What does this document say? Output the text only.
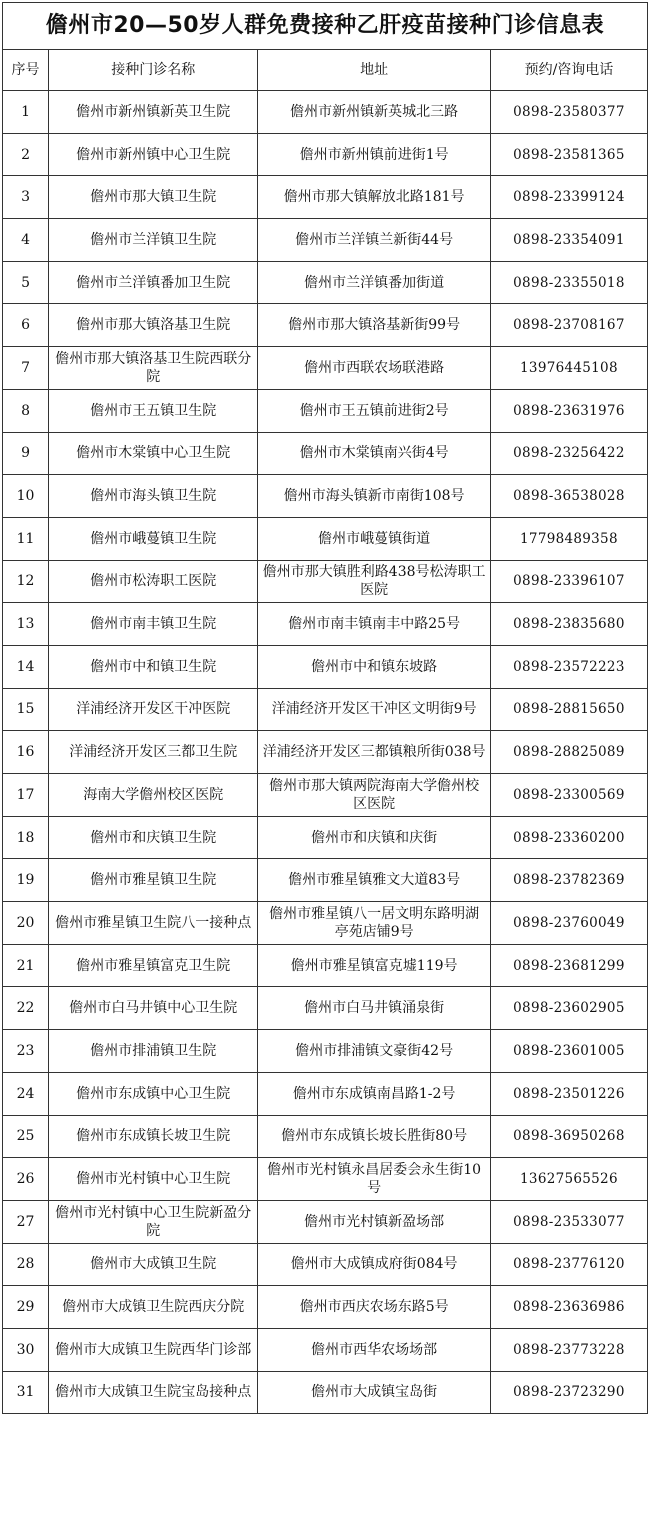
儋州市20—50岁人群免费接种乙肝疫苗接种门诊信息表			
序号	接种门诊名称	地址	预约/咨询电话
1	儋州市新州镇新英卫生院	儋州市新州镇新英城北三路	0898-23580377
2	儋州市新州镇中心卫生院	儋州市新州镇前进街1号	0898-23581365
3	儋州市那大镇卫生院	儋州市那大镇解放北路181号	0898-23399124
4	儋州市兰洋镇卫生院	儋州市兰洋镇兰新街44号	0898-23354091
5	儋州市兰洋镇番加卫生院	儋州市兰洋镇番加街道	0898-23355018
6	儋州市那大镇洛基卫生院	儋州市那大镇洛基新街99号	0898-23708167
7	儋州市那大镇洛基卫生院西联分院	儋州市西联农场联港路	13976445108
8	儋州市王五镇卫生院	儋州市王五镇前进街2号	0898-23631976
9	儋州市木棠镇中心卫生院	儋州市木棠镇南兴街4号	0898-23256422
10	儋州市海头镇卫生院	儋州市海头镇新市南街108号	0898-36538028
11	儋州市峨蔓镇卫生院	儋州市峨蔓镇街道	17798489358
12	儋州市松涛职工医院	儋州市那大镇胜利路438号松涛职工医院	0898-23396107
13	儋州市南丰镇卫生院	儋州市南丰镇南丰中路25号	0898-23835680
14	儋州市中和镇卫生院	儋州市中和镇东坡路	0898-23572223
15	洋浦经济开发区干冲医院	洋浦经济开发区干冲区文明街9号	0898-28815650
16	洋浦经济开发区三都卫生院	洋浦经济开发区三都镇粮所街038号	0898-28825089
17	海南大学儋州校区医院	儋州市那大镇两院海南大学儋州校区医院	0898-23300569
18	儋州市和庆镇卫生院	儋州市和庆镇和庆街	0898-23360200
19	儋州市雅星镇卫生院	儋州市雅星镇雅文大道83号	0898-23782369
20	儋州市雅星镇卫生院八一接种点	儋州市雅星镇八一居文明东路明湖亭苑店铺9号	0898-23760049
21	儋州市雅星镇富克卫生院	儋州市雅星镇富克墟119号	0898-23681299
22	儋州市白马井镇中心卫生院	儋州市白马井镇涌泉街	0898-23602905
23	儋州市排浦镇卫生院	儋州市排浦镇文豪街42号	0898-23601005
24	儋州市东成镇中心卫生院	儋州市东成镇南昌路1-2号	0898-23501226
25	儋州市东成镇长坡卫生院	儋州市东成镇长坡长胜街80号	0898-36950268
26	儋州市光村镇中心卫生院	儋州市光村镇永昌居委会永生街10号	13627565526
27	儋州市光村镇中心卫生院新盈分院	儋州市光村镇新盈场部	0898-23533077
28	儋州市大成镇卫生院	儋州市大成镇成府街084号	0898-23776120
29	儋州市大成镇卫生院西庆分院	儋州市西庆农场东路5号	0898-23636986
30	儋州市大成镇卫生院西华门诊部	儋州市西华农场场部	0898-23773228
31	儋州市大成镇卫生院宝岛接种点	儋州市大成镇宝岛街	0898-23723290
